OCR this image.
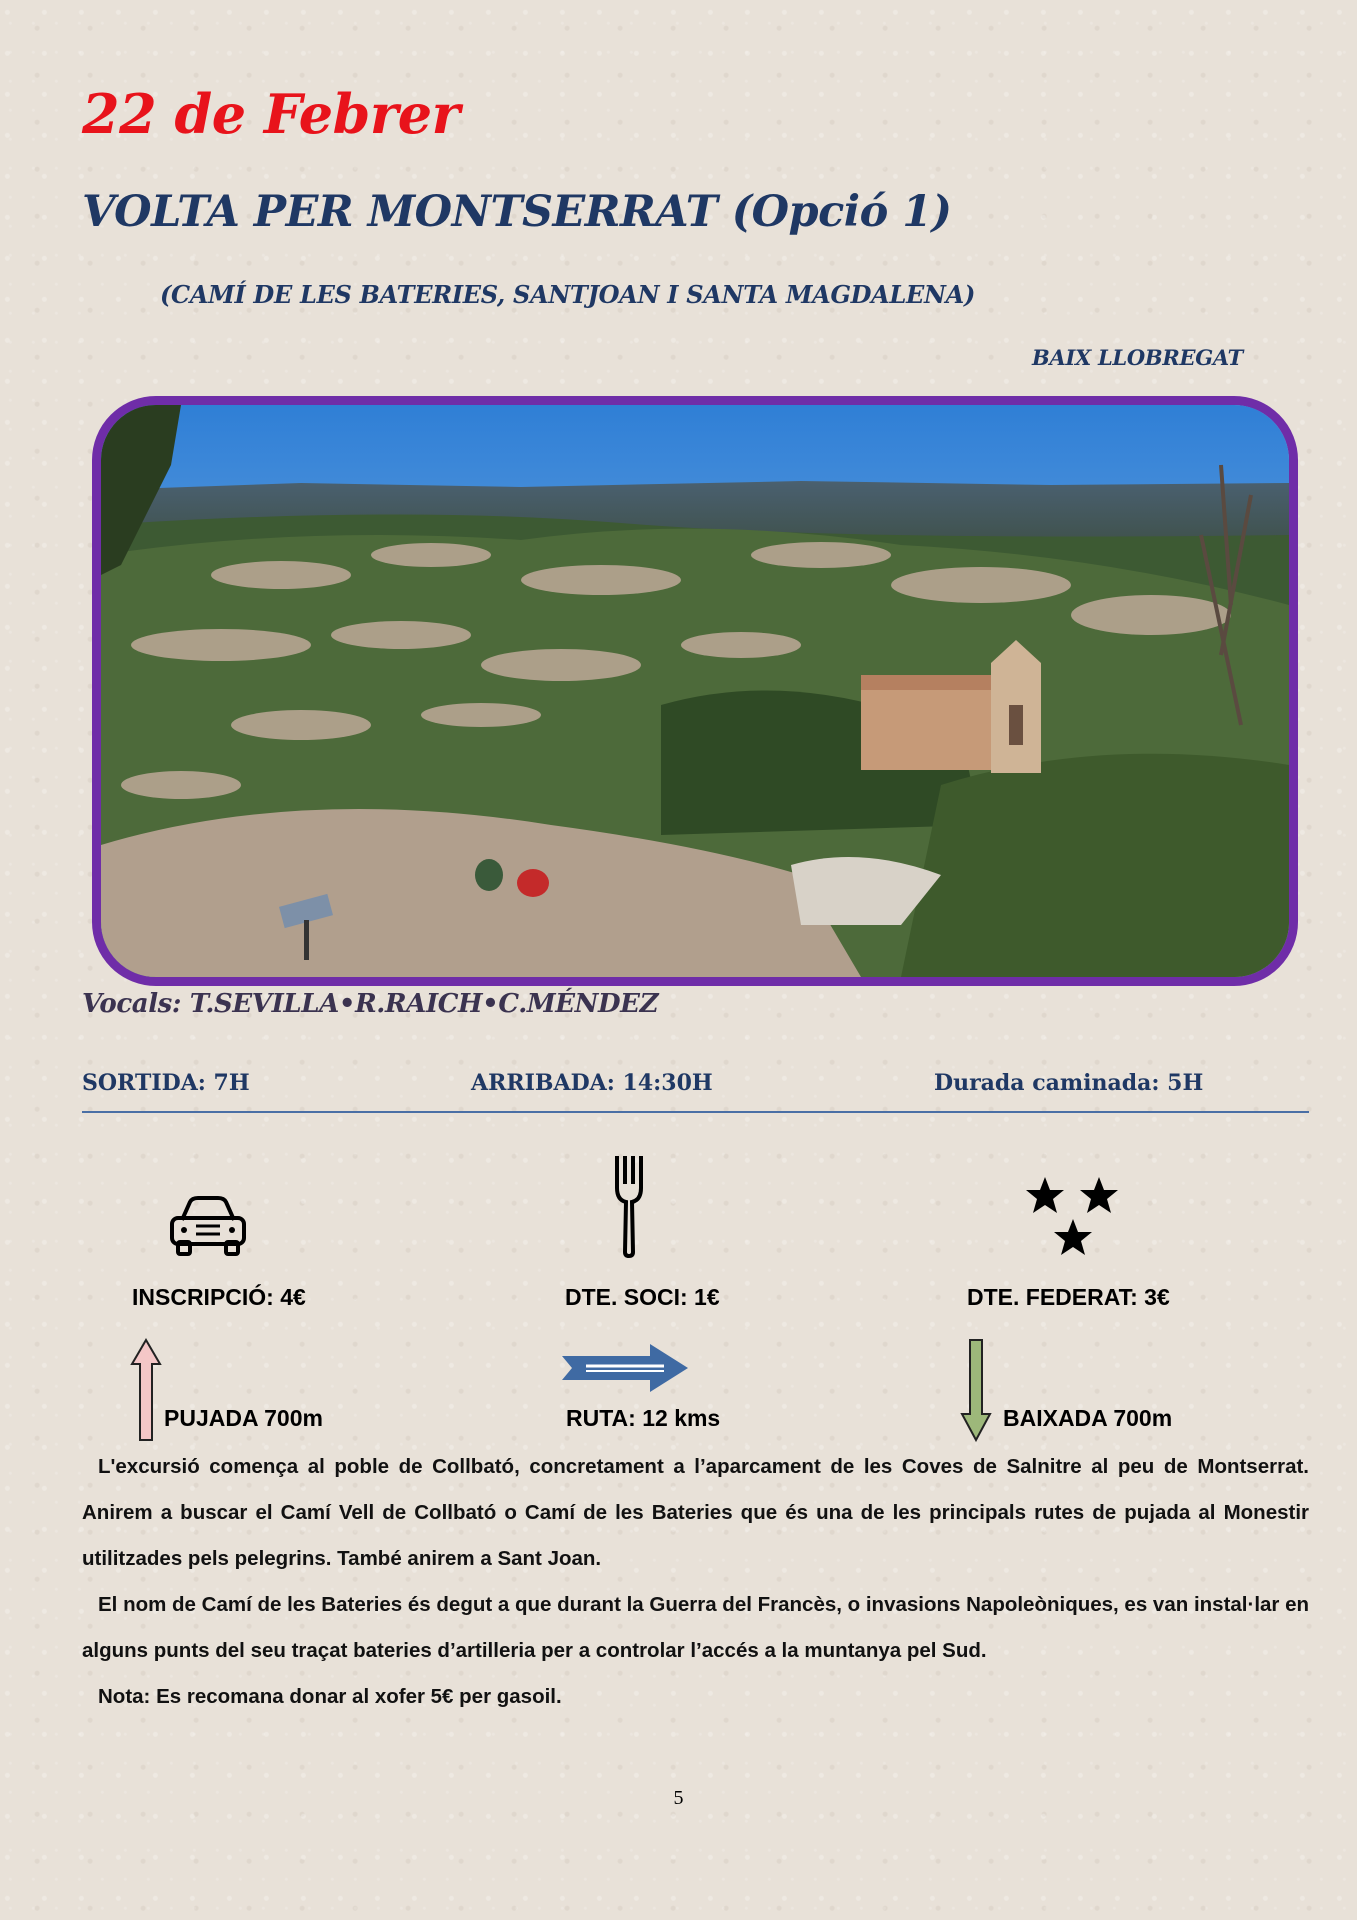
22 de Febrer
VOLTA PER MONTSERRAT (Opció 1)
(CAMÍ DE LES BATERIES, SANTJOAN I SANTA MAGDALENA)
BAIX LLOBREGAT
Vocals: T.SEVILLA•R.RAICH•C.MÉNDEZ
SORTIDA: 7H	ARRIBADA: 14:30H	Durada caminada: 5H
INSCRIPCIÓ: 4€	DTE. SOCI: 1€	DTE. FEDERAT: 3€
PUJADA 700m	RUTA: 12 kms	BAIXADA 700m

L'excursió comença al poble de Collbató, concretament a l’aparcament de les Coves de Salnitre al peu de Montserrat. Anirem a buscar el Camí Vell de Collbató o Camí de les Bateries que és una de les principals rutes de pujada al Monestir utilitzades pels pelegrins. També anirem a Sant Joan.

El nom de Camí de les Bateries és degut a que durant la Guerra del Francès, o invasions Napoleòniques, es van instal·lar en alguns punts del seu traçat bateries d’artilleria per a controlar l’accés a la muntanya pel Sud.

Nota: Es recomana donar al xofer 5€ per gasoil.

5
